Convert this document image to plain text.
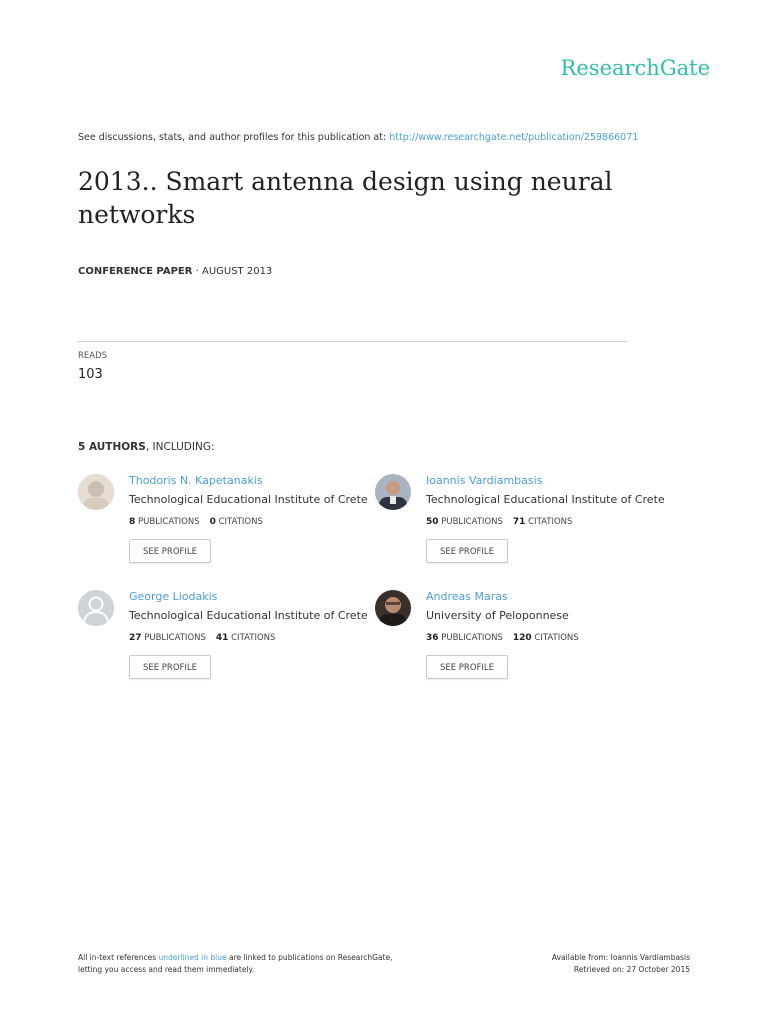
ResearchGate
See discussions, stats, and author profiles for this publication at: http://www.researchgate.net/publication/259866071
2013.. Smart antenna design using neural networks
CONFERENCE PAPER · AUGUST 2013
READS
103
5 AUTHORS, INCLUDING:
Thodoris N. Kapetanakis
Technological Educational Institute of Crete
8 PUBLICATIONS 0 CITATIONS
SEE PROFILE
Ioannis Vardiambasis
Technological Educational Institute of Crete
50 PUBLICATIONS 71 CITATIONS
SEE PROFILE
George Liodakis
Technological Educational Institute of Crete
27 PUBLICATIONS 41 CITATIONS
SEE PROFILE
Andreas Maras
University of Peloponnese
36 PUBLICATIONS 120 CITATIONS
SEE PROFILE
All in-text references underlined in blue are linked to publications on ResearchGate,
letting you access and read them immediately.
Available from: Ioannis Vardiambasis
Retrieved on: 27 October 2015
